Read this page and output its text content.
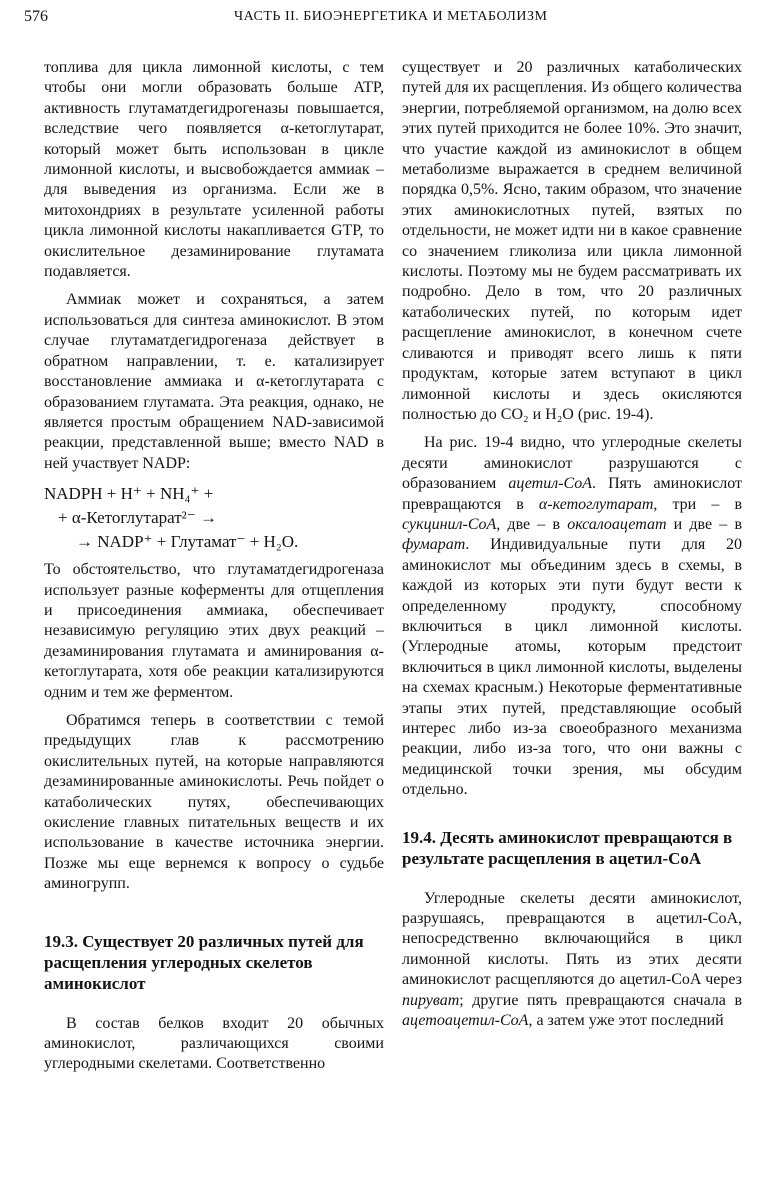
576	ЧАСТЬ II. БИОЭНЕРГЕТИКА И МЕТАБОЛИЗМ

топлива для цикла лимонной кислоты, с тем чтобы они могли образовать больше ATP, активность глутаматдегидрогеназы повышается, вследствие чего появляется α-кетоглутарат, который может быть использован в цикле лимонной кислоты, и высвобождается аммиак – для выведения из организма. Если же в митохондриях в результате усиленной работы цикла лимонной кислоты накапливается GTP, то окислительное дезаминирование глутамата подавляется.

Аммиак может и сохраняться, а затем использоваться для синтеза аминокислот. В этом случае глутаматдегидрогеназа действует в обратном направлении, т. е. катализирует восстановление аммиака и α-кетоглутарата с образованием глутамата. Эта реакция, однако, не является простым обращением NAD-зависимой реакции, представленной выше; вместо NAD в ней участвует NADP:

NADPH + H⁺ + NH₄⁺ +
+ α-Кетоглутарат²⁻ →
→ NADP⁺ + Глутамат⁻ + H₂O.

То обстоятельство, что глутаматдегидрогеназа использует разные коферменты для отщепления и присоединения аммиака, обеспечивает независимую регуляцию этих двух реакций – дезаминирования глутамата и аминирования α-кетоглутарата, хотя обе реакции катализируются одним и тем же ферментом.

Обратимся теперь в соответствии с темой предыдущих глав к рассмотрению окислительных путей, на которые направляются дезаминированные аминокислоты. Речь пойдет о катаболических путях, обеспечивающих окисление главных питательных веществ и их использование в качестве источника энергии. Позже мы еще вернемся к вопросу о судьбе аминогрупп.

19.3. Существует 20 различных путей для расщепления углеродных скелетов аминокислот

В состав белков входит 20 обычных аминокислот, различающихся своими углеродными скелетами. Соответственно

существует и 20 различных катаболических путей для их расщепления. Из общего количества энергии, потребляемой организмом, на долю всех этих путей приходится не более 10%. Это значит, что участие каждой из аминокислот в общем метаболизме выражается в среднем величиной порядка 0,5%. Ясно, таким образом, что значение этих аминокислотных путей, взятых по отдельности, не может идти ни в какое сравнение со значением гликолиза или цикла лимонной кислоты. Поэтому мы не будем рассматривать их подробно. Дело в том, что 20 различных катаболических путей, по которым идет расщепление аминокислот, в конечном счете сливаются и приводят всего лишь к пяти продуктам, которые затем вступают в цикл лимонной кислоты и здесь окисляются полностью до CO₂ и H₂O (рис. 19-4).

На рис. 19-4 видно, что углеродные скелеты десяти аминокислот разрушаются с образованием ацетил-CoA. Пять аминокислот превращаются в α-кетоглутарат, три – в сукцинил-CoA, две – в оксалоацетат и две – в фумарат. Индивидуальные пути для 20 аминокислот мы объединим здесь в схемы, в каждой из которых эти пути будут вести к определенному продукту, способному включиться в цикл лимонной кислоты. (Углеродные атомы, которым предстоит включиться в цикл лимонной кислоты, выделены на схемах красным.) Некоторые ферментативные этапы этих путей, представляющие особый интерес либо из-за своеобразного механизма реакции, либо из-за того, что они важны с медицинской точки зрения, мы обсудим отдельно.

19.4. Десять аминокислот превращаются в результате расщепления в ацетил-CoA

Углеродные скелеты десяти аминокислот, разрушаясь, превращаются в ацетил-CoA, непосредственно включающийся в цикл лимонной кислоты. Пять из этих десяти аминокислот расщепляются до ацетил-CoA через пируват; другие пять превращаются сначала в ацетоацетил-CoA, а затем уже этот последний
